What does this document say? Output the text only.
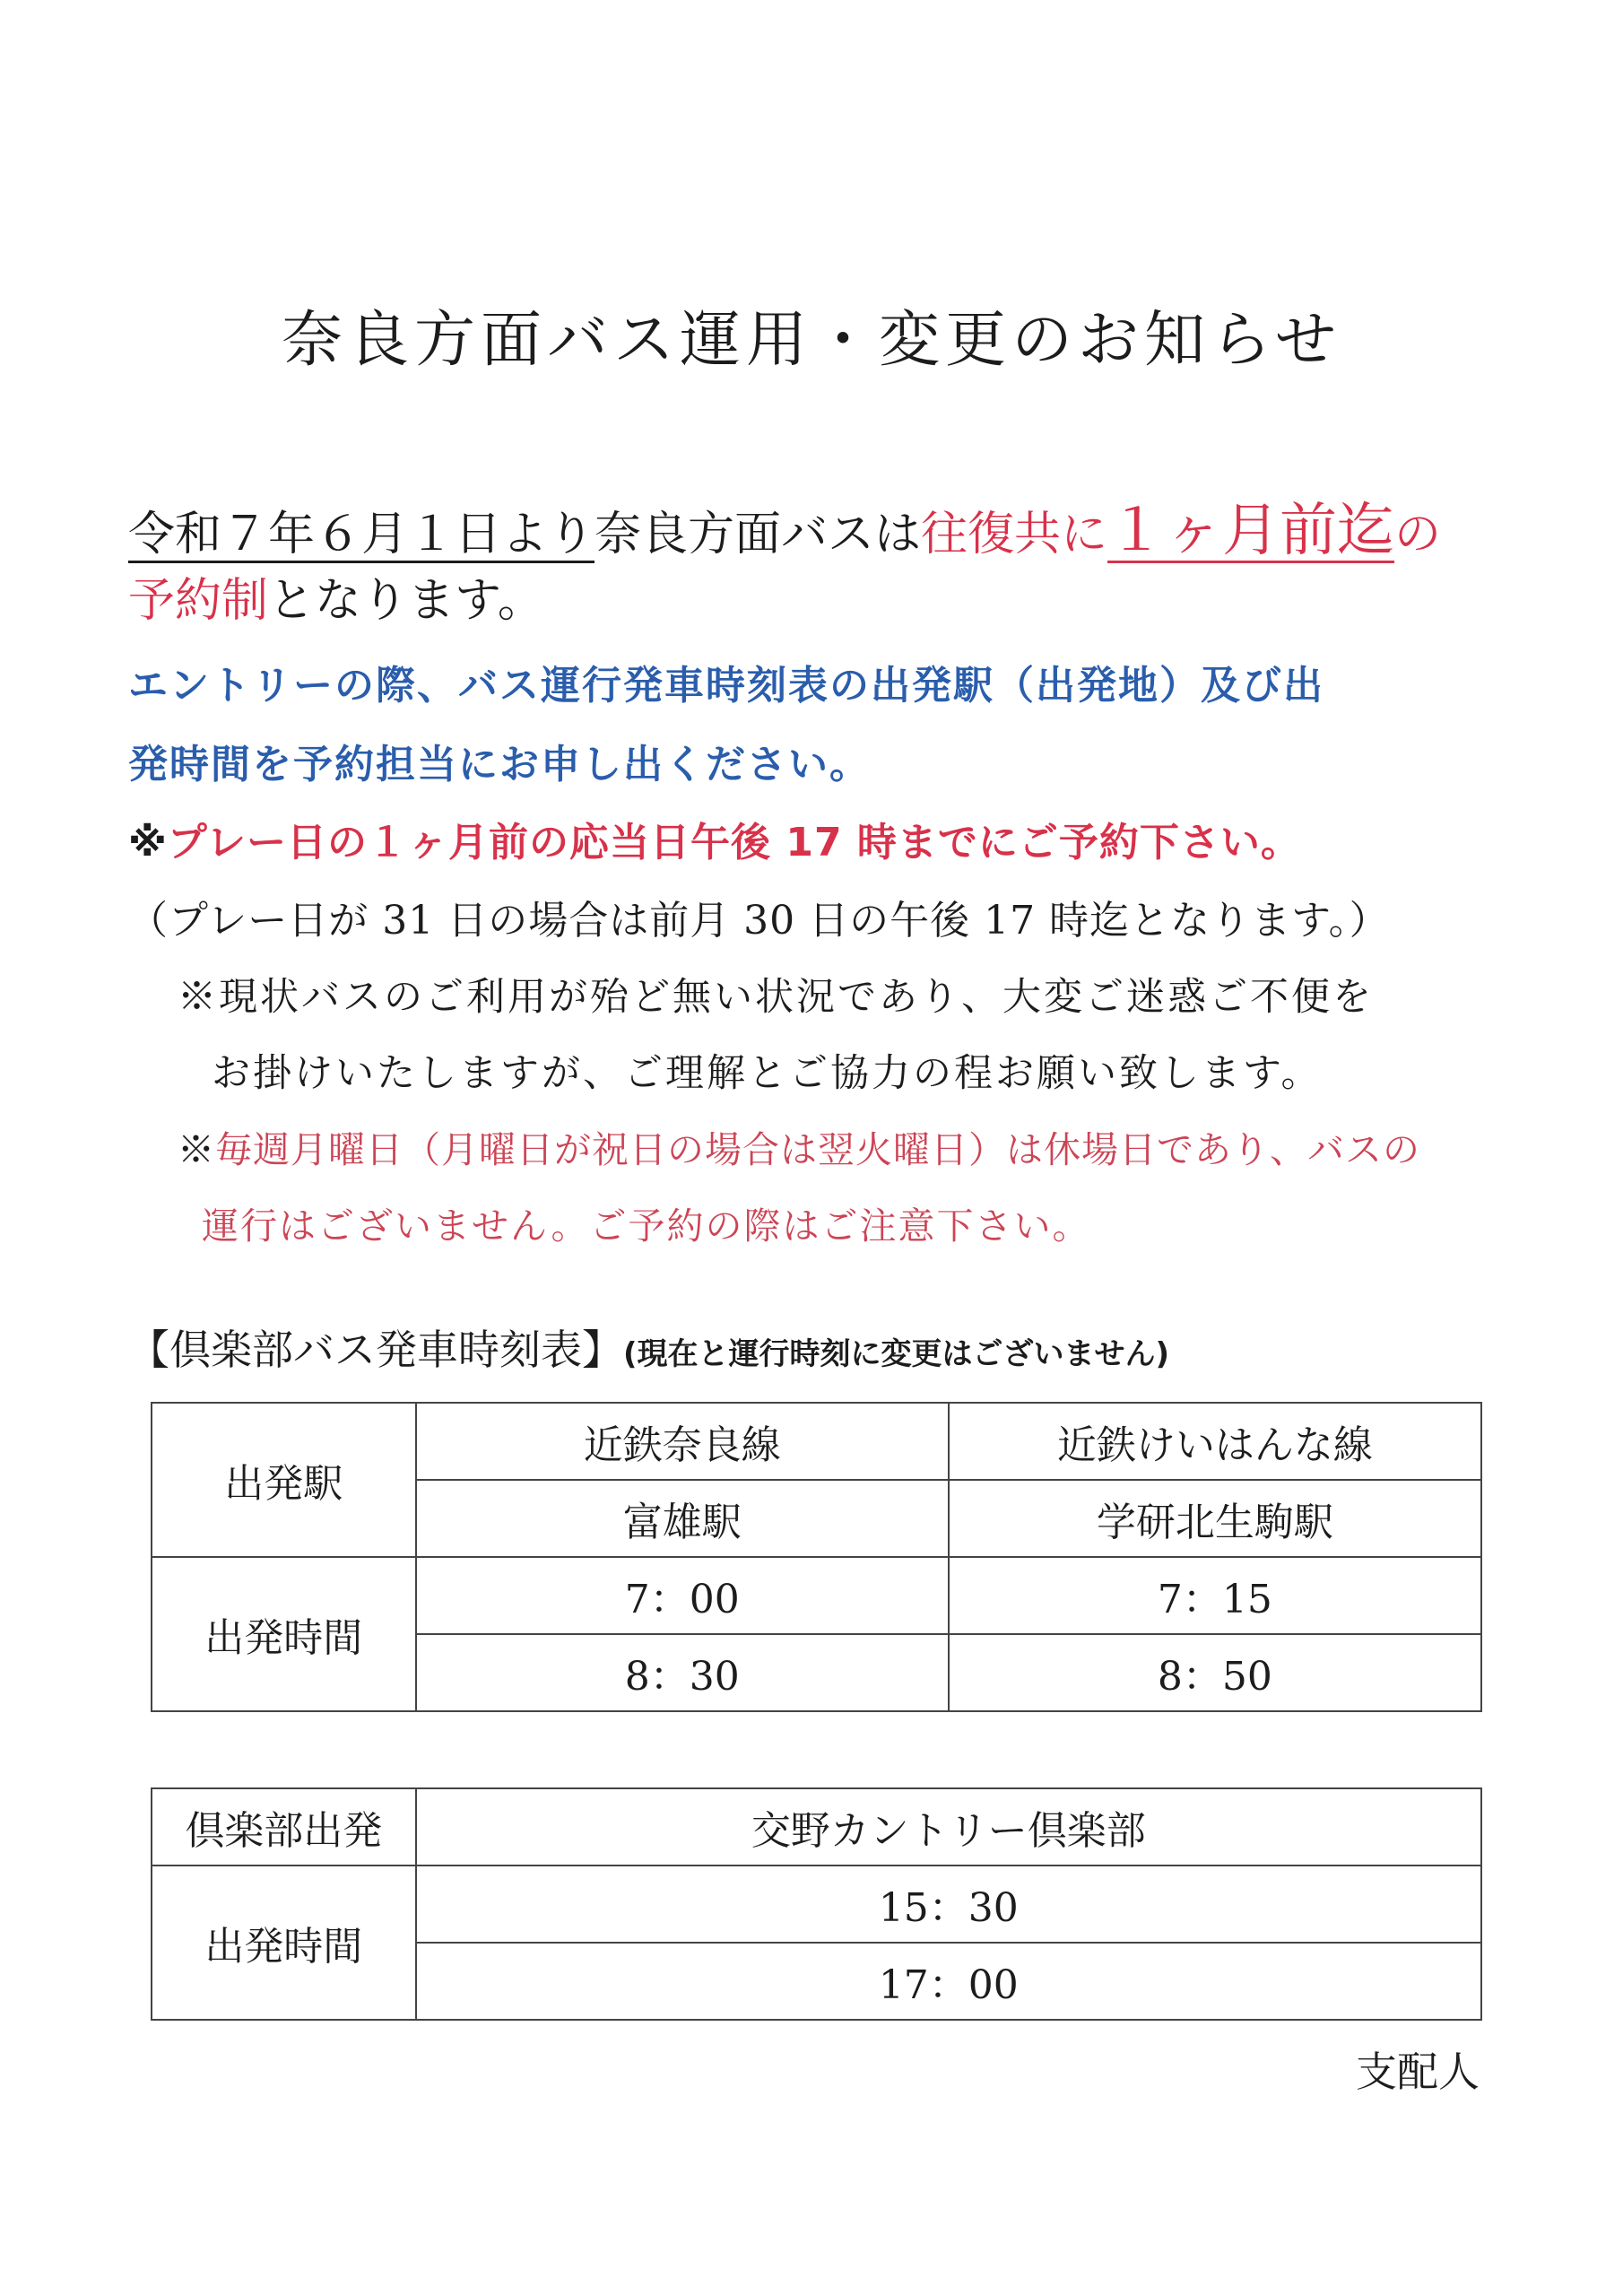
奈良方面バス運用・変更のお知らせ
令和７年６月１日より奈良方面バスは往復共に１ヶ月前迄の
予約制となります。
エントリーの際、バス運行発車時刻表の出発駅（出発地）及び出
発時間を予約担当にお申し出ください。
※プレー日の１ヶ月前の応当日午後 17 時までにご予約下さい。
（プレー日が 31 日の場合は前月 30 日の午後 17 時迄となります。）
※現状バスのご利用が殆ど無い状況であり、大変ご迷惑ご不便を
お掛けいたしますが、ご理解とご協力の程お願い致します。
※毎週月曜日（月曜日が祝日の場合は翌火曜日）は休場日であり、バスの
運行はございません。ご予約の際はご注意下さい。
【倶楽部バス発車時刻表】(現在と運行時刻に変更はございません)
出発駅	近鉄奈良線	近鉄けいはんな線
	富雄駅	学研北生駒駅
出発時間	7：00	7：15
	8：30	8：50
倶楽部出発	交野カントリー倶楽部
出発時間	15：30
	17：00
支配人
